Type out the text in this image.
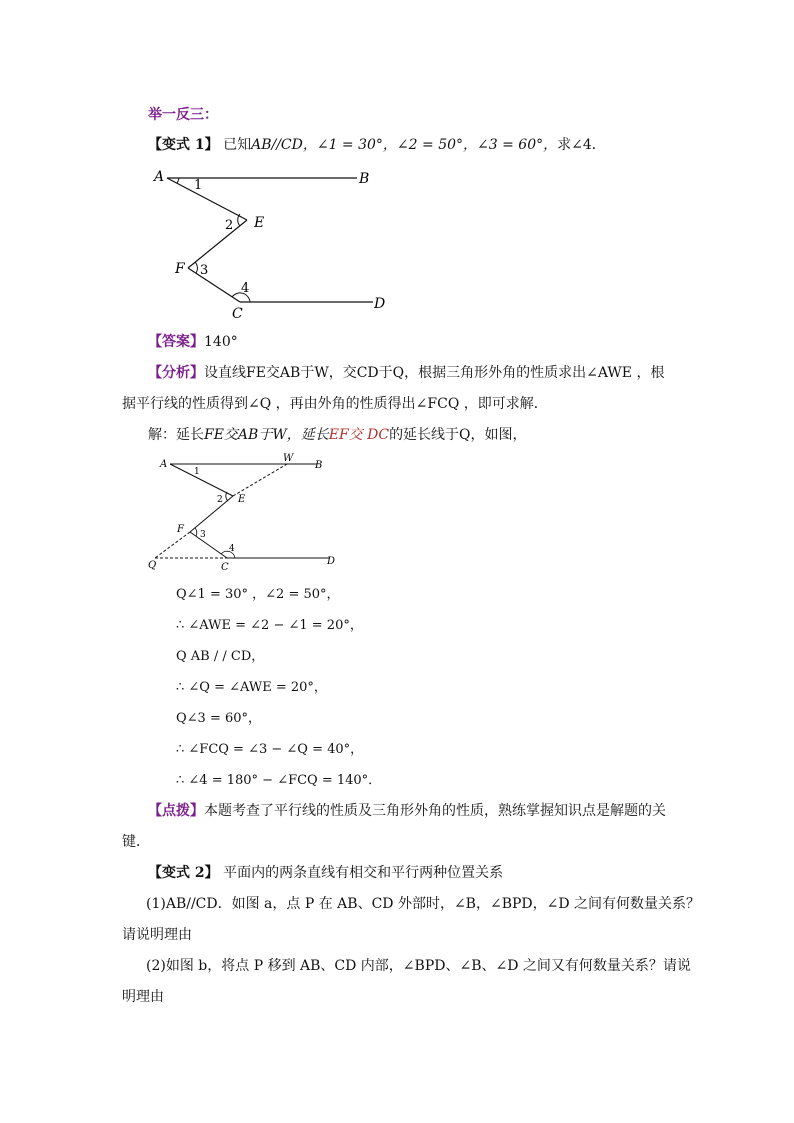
举一反三：
【变式 1】 已知AB//CD，∠1 = 30°，∠2 = 50°，∠3 = 60°，求∠4．
A	B
E
F
C
D
1
2
3
4
【答案】140°
【分析】设直线FE交AB于W，交CD于Q，根据三角形外角的性质求出∠AWE ，根
据平行线的性质得到∠Q ，再由外角的性质得出∠FCQ ，即可求解．
解：延长FE交AB于W，延长EF交 DC的延长线于Q，如图，
A
W
B
E
F
Q	C
D
1
2
3
4
Q∠1 = 30° ，∠2 = 50°，
∴ ∠AWE = ∠2 − ∠1 = 20°，
Q AB / / CD，
∴ ∠Q = ∠AWE = 20°，
Q∠3 = 60°，
∴ ∠FCQ = ∠3 − ∠Q = 40°，
∴ ∠4 = 180° − ∠FCQ = 140°．
【点拨】本题考查了平行线的性质及三角形外角的性质，熟练掌握知识点是解题的关
键．
【变式 2】 平面内的两条直线有相交和平行两种位置关系
(1)AB//CD．如图 a，点 P 在 AB、CD 外部时，∠B，∠BPD，∠D 之间有何数量关系？
请说明理由
(2)如图 b，将点 P 移到 AB、CD 内部，∠BPD、∠B、∠D 之间又有何数量关系？请说
明理由
